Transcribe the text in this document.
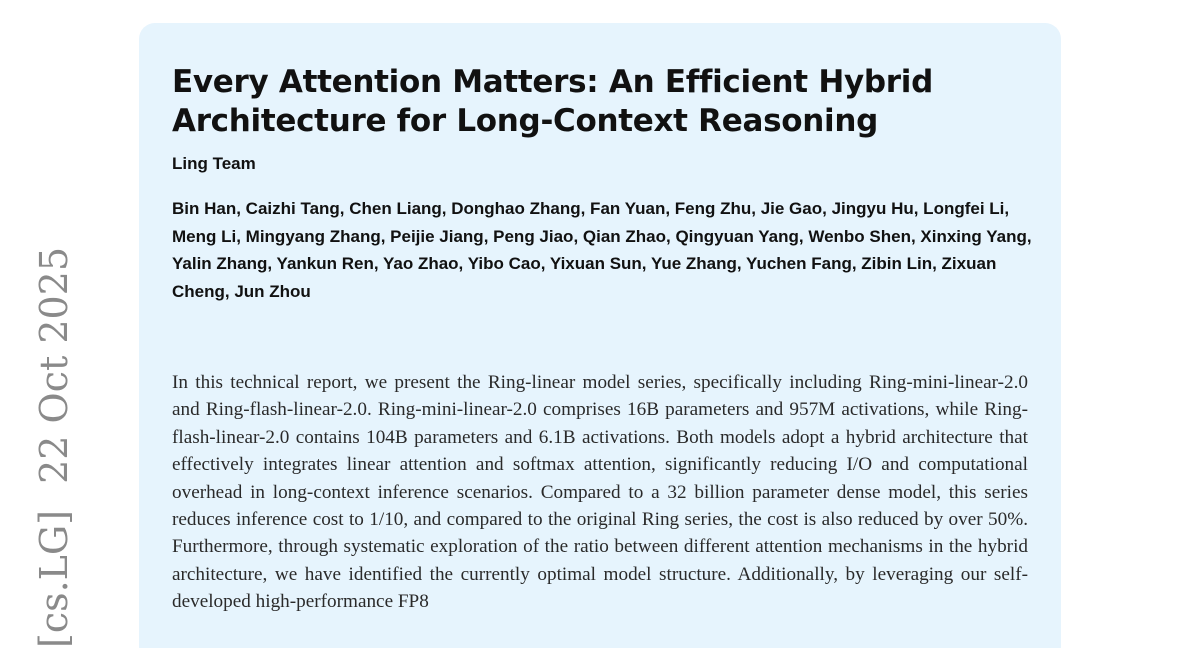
[cs.LG]22 Oct 2025
Every Attention Matters: An Efficient Hybrid Architecture for Long-Context Reasoning
Ling Team
Bin Han, Caizhi Tang, Chen Liang, Donghao Zhang, Fan Yuan, Feng Zhu, Jie Gao, Jingyu Hu, Longfei Li, Meng Li, Mingyang Zhang, Peijie Jiang, Peng Jiao, Qian Zhao, Qingyuan Yang, Wenbo Shen, Xinxing Yang, Yalin Zhang, Yankun Ren, Yao Zhao, Yibo Cao, Yixuan Sun, Yue Zhang, Yuchen Fang, Zibin Lin, Zixuan Cheng, Jun Zhou
In this technical report, we present the Ring-linear model series, specifically including Ring-mini-linear-2.0 and Ring-flash-linear-2.0. Ring-mini-linear-2.0 comprises 16B parameters and 957M activations, while Ring-flash-linear-2.0 contains 104B parameters and 6.1B activations. Both models adopt a hybrid architecture that effectively integrates linear attention and softmax attention, significantly reducing I/O and computational overhead in long-context inference scenarios. Compared to a 32 billion parameter dense model, this series reduces inference cost to 1/10, and compared to the original Ring series, the cost is also reduced by over 50%. Furthermore, through systematic exploration of the ratio between different attention mechanisms in the hybrid architecture, we have identified the currently optimal model structure. Additionally, by leveraging our self-developed high-performance FP8
